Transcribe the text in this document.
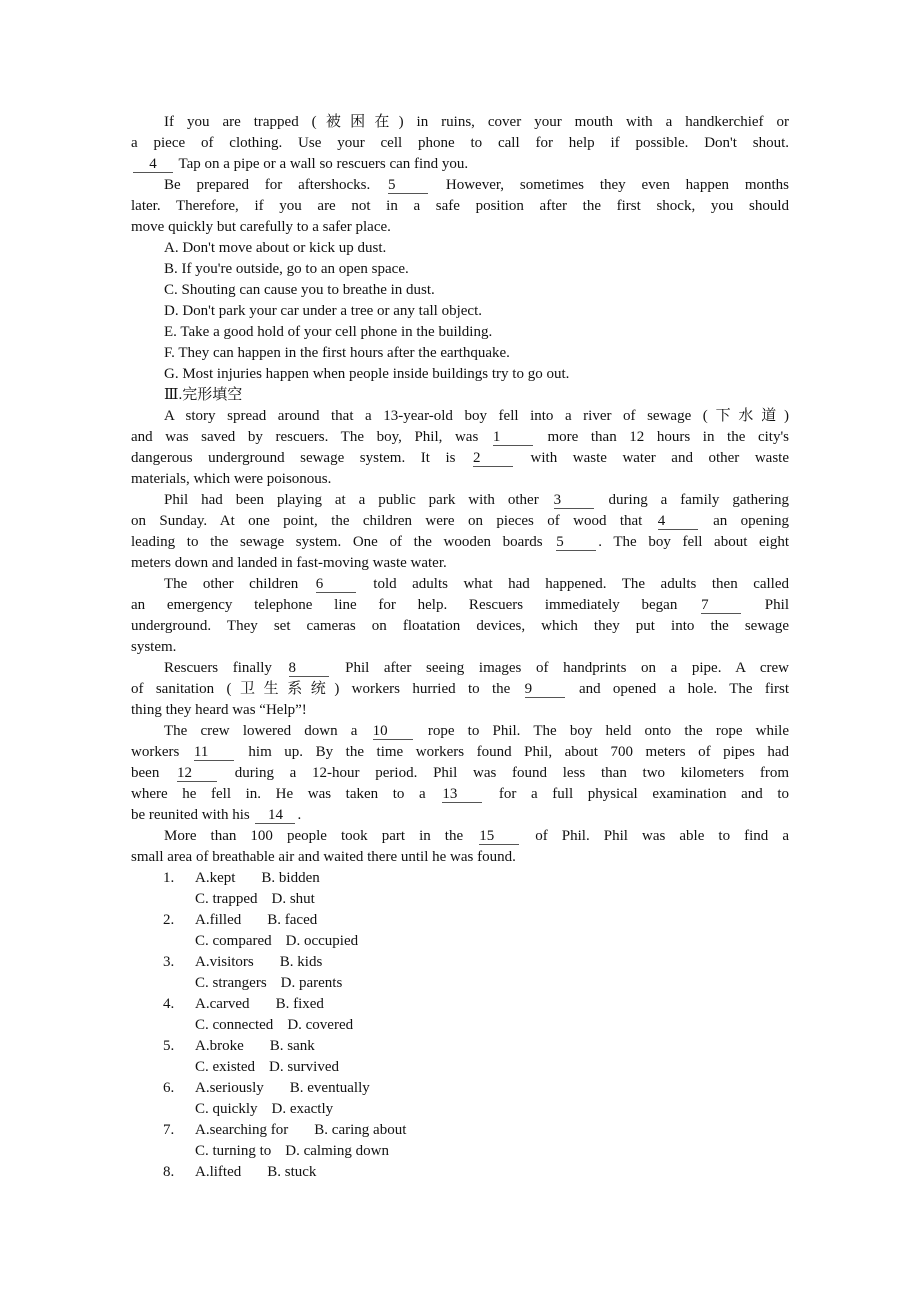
If you are trapped (被困在) in ruins, cover your mouth with a handkerchief or
a piece of clothing. Use your cell phone to call for help if possible. Don't shout.
4 Tap on a pipe or a wall so rescuers can find you.
Be prepared for aftershocks. 5 However, sometimes they even happen months
later. Therefore, if you are not in a safe position after the first shock, you should
move quickly but carefully to a safer place.
A. Don't move about or kick up dust.
B. If you're outside, go to an open space.
C. Shouting can cause you to breathe in dust.
D. Don't park your car under a tree or any tall object.
E. Take a good hold of your cell phone in the building.
F. They can happen in the first hours after the earthquake.
G. Most injuries happen when people inside buildings try to go out.
Ⅲ.完形填空
A story spread around that a 13-year-old boy fell into a river of sewage (下水道)
and was saved by rescuers. The boy, Phil, was 1 more than 12 hours in the city's
dangerous underground sewage system. It is 2 with waste water and other waste
materials, which were poisonous.
Phil had been playing at a public park with other 3 during a family gathering
on Sunday. At one point, the children were on pieces of wood that 4 an opening
leading to the sewage system. One of the wooden boards 5 . The boy fell about eight
meters down and landed in fast-moving waste water.
The other children 6 told adults what had happened. The adults then called
an emergency telephone line for help. Rescuers immediately began 7 Phil
underground. They set cameras on floatation devices, which they put into the sewage
system.
Rescuers finally 8 Phil after seeing images of handprints on a pipe. A crew
of sanitation (卫生系统) workers hurried to the 9 and opened a hole. The first
thing they heard was “Help”!
The crew lowered down a 10 rope to Phil. The boy held onto the rope while
workers 11 him up. By the time workers found Phil, about 700 meters of pipes had
been 12 during a 12-hour period. Phil was found less than two kilometers from
where he fell in. He was taken to a 13 for a full physical examination and to
be reunited with his 14 .
More than 100 people took part in the 15 of Phil. Phil was able to find a
small area of breathable air and waited there until he was found.
1. A.kept B. bidden
C. trapped D. shut
2. A.filled B. faced
C. compared D. occupied
3. A.visitors B. kids
C. strangers D. parents
4. A.carved B. fixed
C. connected D. covered
5. A.broke B. sank
C. existed D. survived
6. A.seriously B. eventually
C. quickly D. exactly
7. A.searching for B. caring about
C. turning to D. calming down
8. A.lifted B. stuck
